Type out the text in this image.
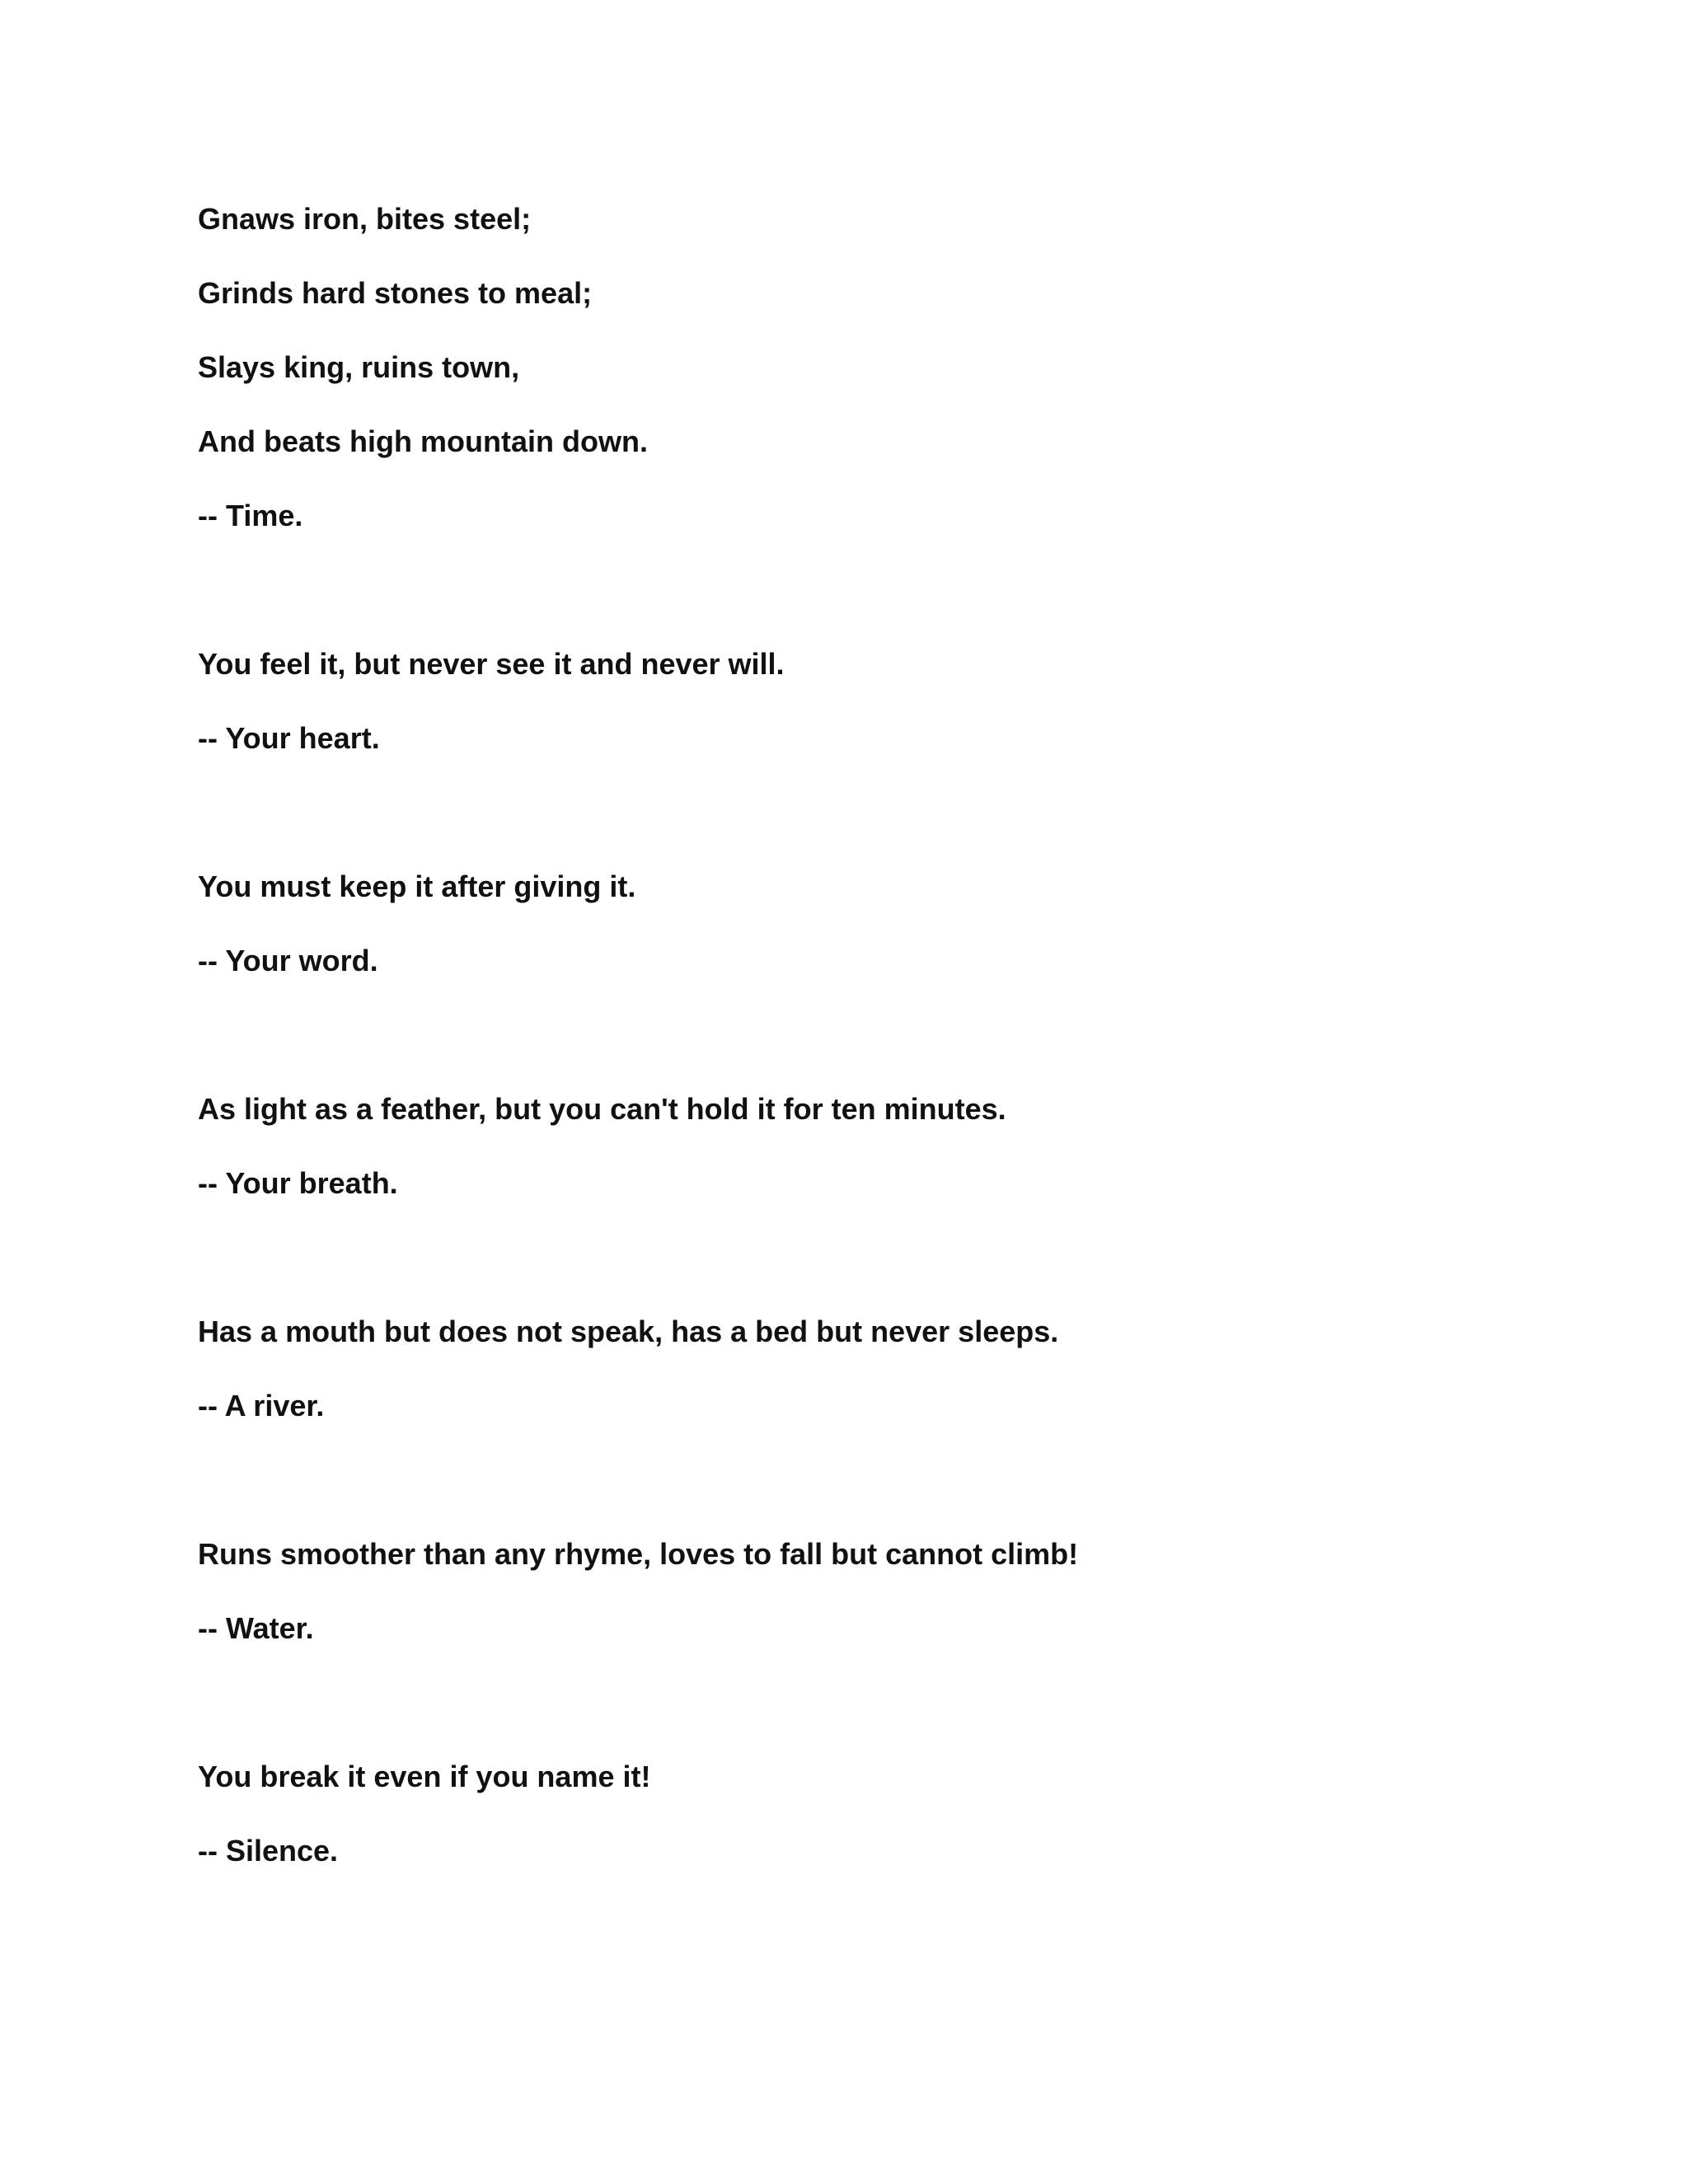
Gnaws iron, bites steel;

Grinds hard stones to meal;

Slays king, ruins town,

And beats high mountain down.

-- Time.

You feel it, but never see it and never will.

-- Your heart.

You must keep it after giving it.

-- Your word.

As light as a feather, but you can't hold it for ten minutes.

-- Your breath.

Has a mouth but does not speak, has a bed but never sleeps.

-- A river.

Runs smoother than any rhyme, loves to fall but cannot climb!

-- Water.

You break it even if you name it!

-- Silence.
